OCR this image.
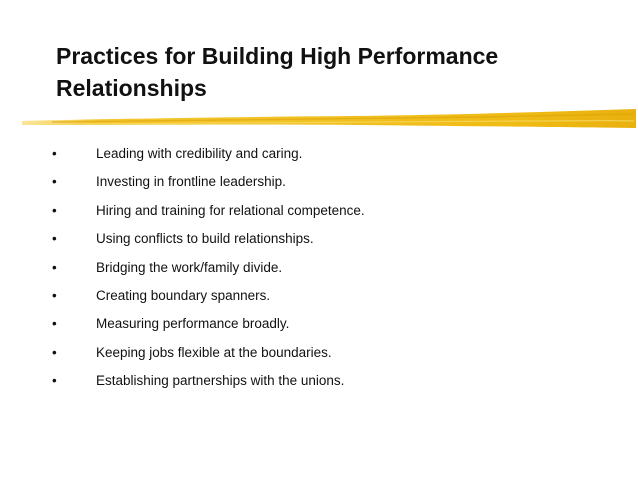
Practices for Building High Performance
Relationships
•	Leading with credibility and caring.
•	Investing in frontline leadership.
•	Hiring and training for relational competence.
•	Using conflicts to build relationships.
•	Bridging the work/family divide.
•	Creating boundary spanners.
•	Measuring performance broadly.
•	Keeping jobs flexible at the boundaries.
•	Establishing partnerships with the unions.
